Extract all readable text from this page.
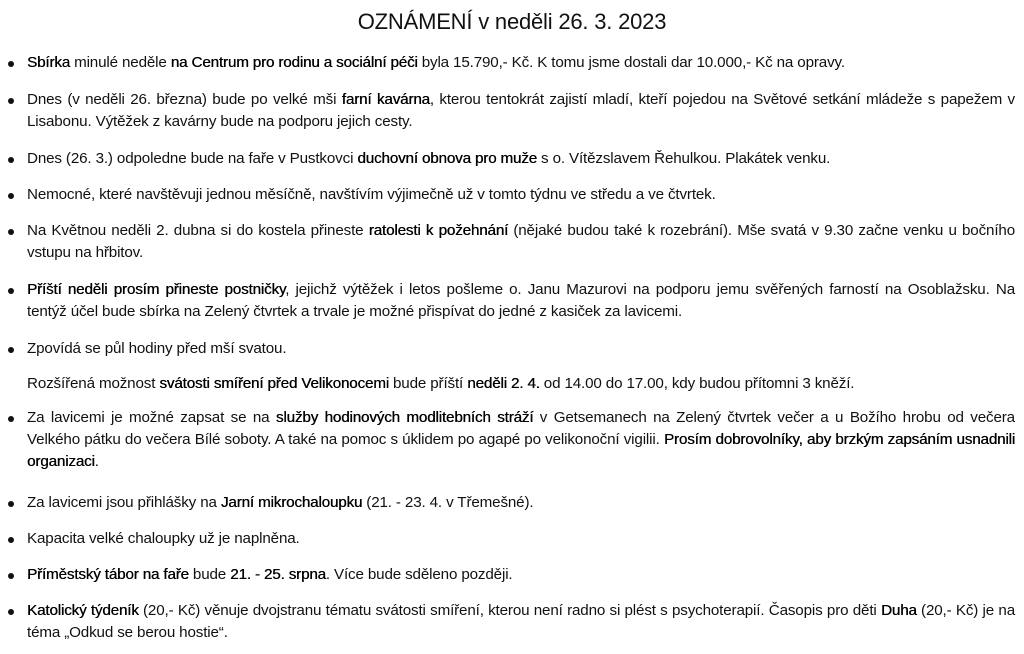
OZNÁMENÍ v neděli 26. 3. 2023
Sbírka minulé neděle na Centrum pro rodinu a sociální péči byla 15.790,- Kč. K tomu jsme dostali dar 10.000,- Kč na opravy.
Dnes (v neděli 26. března) bude po velké mši farní kavárna, kterou tentokrát zajistí mladí, kteří pojedou na Světové setkání mládeže s papežem v Lisabonu. Výtěžek z kavárny bude na podporu jejich cesty.
Dnes (26. 3.) odpoledne bude na faře v Pustkovci duchovní obnova pro muže s o. Vítězslavem Řehulkou. Plakátek venku.
Nemocné, které navštěvuji jednou měsíčně, navštívím výjimečně už v tomto týdnu ve středu a ve čtvrtek.
Na Květnou neděli 2. dubna si do kostela přineste ratolesti k požehnání (nějaké budou také k rozebrání). Mše svatá v 9.30 začne venku u bočního vstupu na hřbitov.
Příští neděli prosím přineste postničky, jejichž výtěžek i letos pošleme o. Janu Mazurovi na podporu jemu svěřených farností na Osoblažsku. Na tentýž účel bude sbírka na Zelený čtvrtek a trvale je možné přispívat do jedné z kasiček za lavicemi.
Zpovídá se půl hodiny před mší svatou.
Rozšířená možnost svátosti smíření před Velikonocemi bude příští neděli 2. 4. od 14.00 do 17.00, kdy budou přítomni 3 kněží.
Za lavicemi je možné zapsat se na služby hodinových modlitebních stráží v Getsemanech na Zelený čtvrtek večer a u Božího hrobu od večera Velkého pátku do večera Bílé soboty. A také na pomoc s úklidem po agapé po velikonoční vigilii. Prosím dobrovolníky, aby brzkým zapsáním usnadnili organizaci.
Za lavicemi jsou přihlášky na Jarní mikrochaloupku (21. - 23. 4. v Třemešné).
Kapacita velké chaloupky už je naplněna.
Příměstský tábor na faře bude 21. - 25. srpna. Více bude sděleno později.
Katolický týdeník (20,- Kč) věnuje dvojstranu tématu svátosti smíření, kterou není radno si plést s psychoterapií. Časopis pro děti Duha (20,- Kč) je na téma „Odkud se berou hostie“.
